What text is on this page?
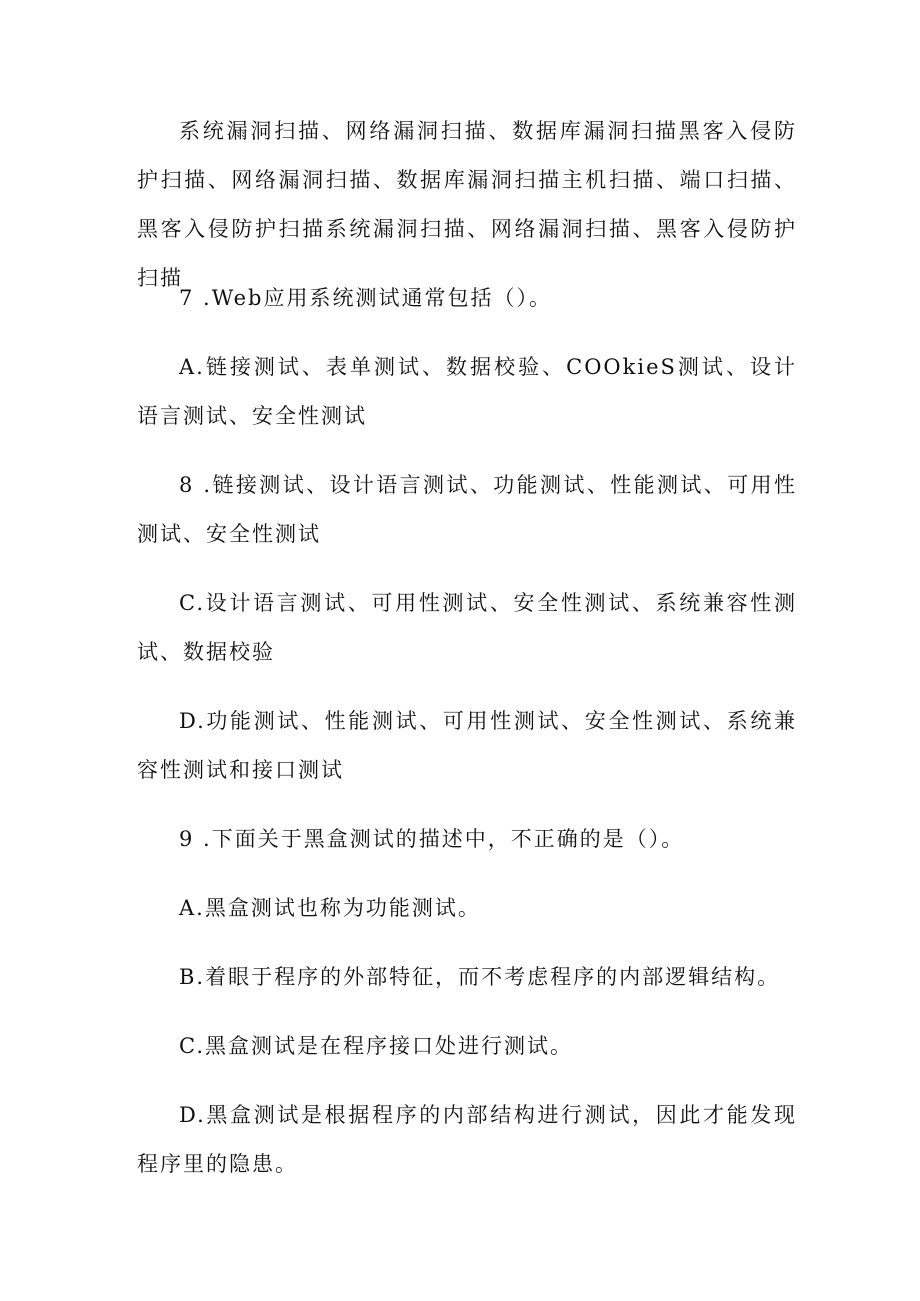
系统漏洞扫描、网络漏洞扫描、数据库漏洞扫描黑客入侵防护扫描、网络漏洞扫描、数据库漏洞扫描主机扫描、端口扫描、黑客入侵防护扫描系统漏洞扫描、网络漏洞扫描、黑客入侵防护扫描

7 .Web应用系统测试通常包括（）。

A.链接测试、表单测试、数据校验、COOkieS测试、设计语言测试、安全性测试

8 .链接测试、设计语言测试、功能测试、性能测试、可用性测试、安全性测试

C.设计语言测试、可用性测试、安全性测试、系统兼容性测试、数据校验

D.功能测试、性能测试、可用性测试、安全性测试、系统兼容性测试和接口测试

9 .下面关于黑盒测试的描述中，不正确的是（）。

A.黑盒测试也称为功能测试。

B.着眼于程序的外部特征，而不考虑程序的内部逻辑结构。

C.黑盒测试是在程序接口处进行测试。

D.黑盒测试是根据程序的内部结构进行测试，因此才能发现程序里的隐患。
